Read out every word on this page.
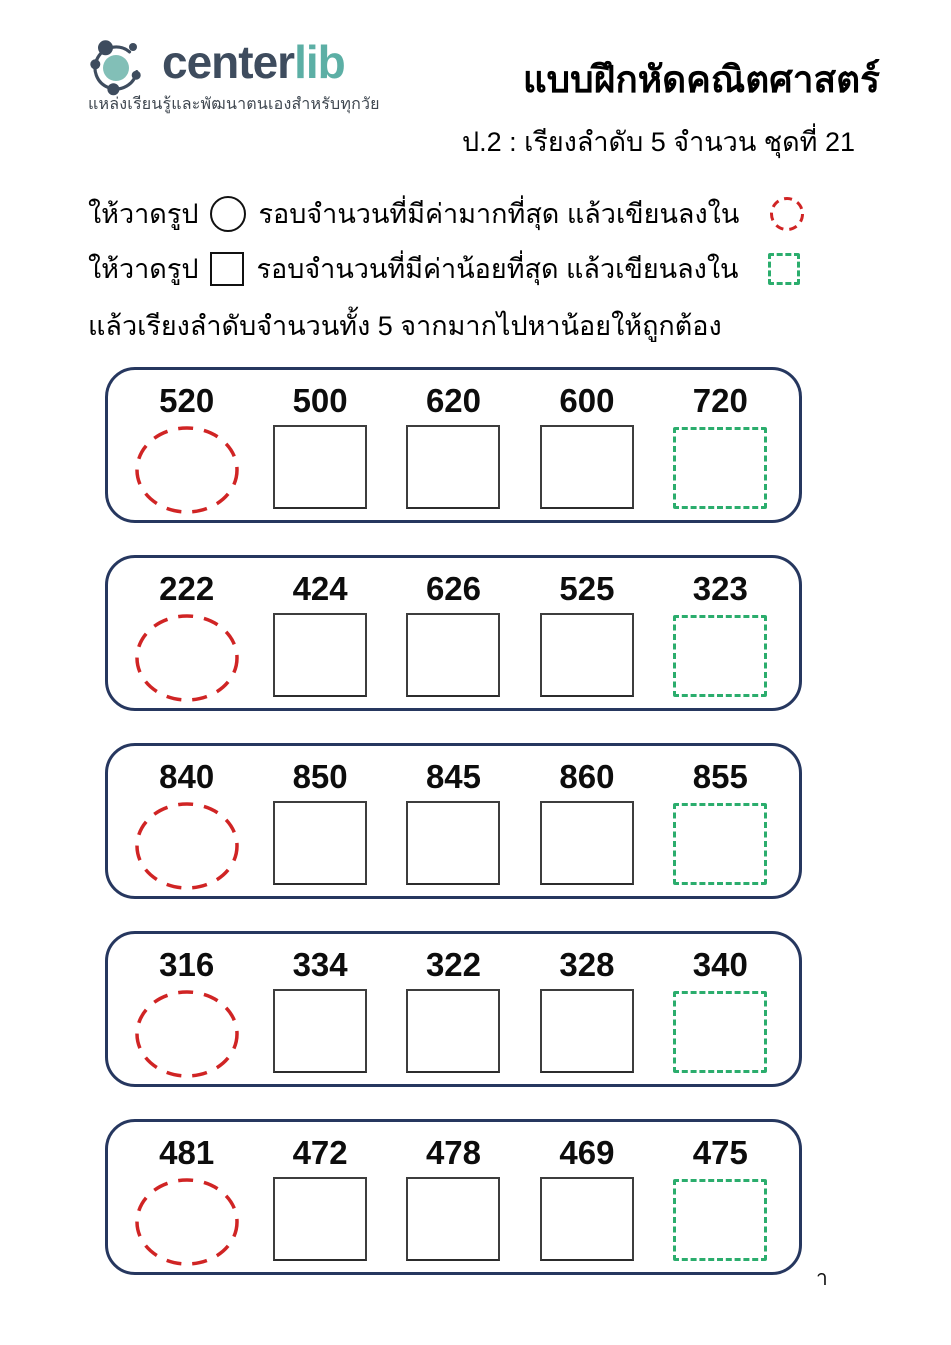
centerlib
แหล่งเรียนรู้และพัฒนาตนเองสำหรับทุกวัย
แบบฝึกหัดคณิตศาสตร์
ป.2 : เรียงลำดับ 5 จำนวน ชุดที่ 21
ให้วาดรูป รอบจำนวนที่มีค่ามากที่สุด แล้วเขียนลงใน
ให้วาดรูป รอบจำนวนที่มีค่าน้อยที่สุด แล้วเขียนลงใน
แล้วเรียงลำดับจำนวนทั้ง 5 จากมากไปหาน้อยให้ถูกต้อง
520	500	620	600	720
222	424	626	525	323
840	850	845	860	855
316	334	322	328	340
481	472	478	469	475
า
